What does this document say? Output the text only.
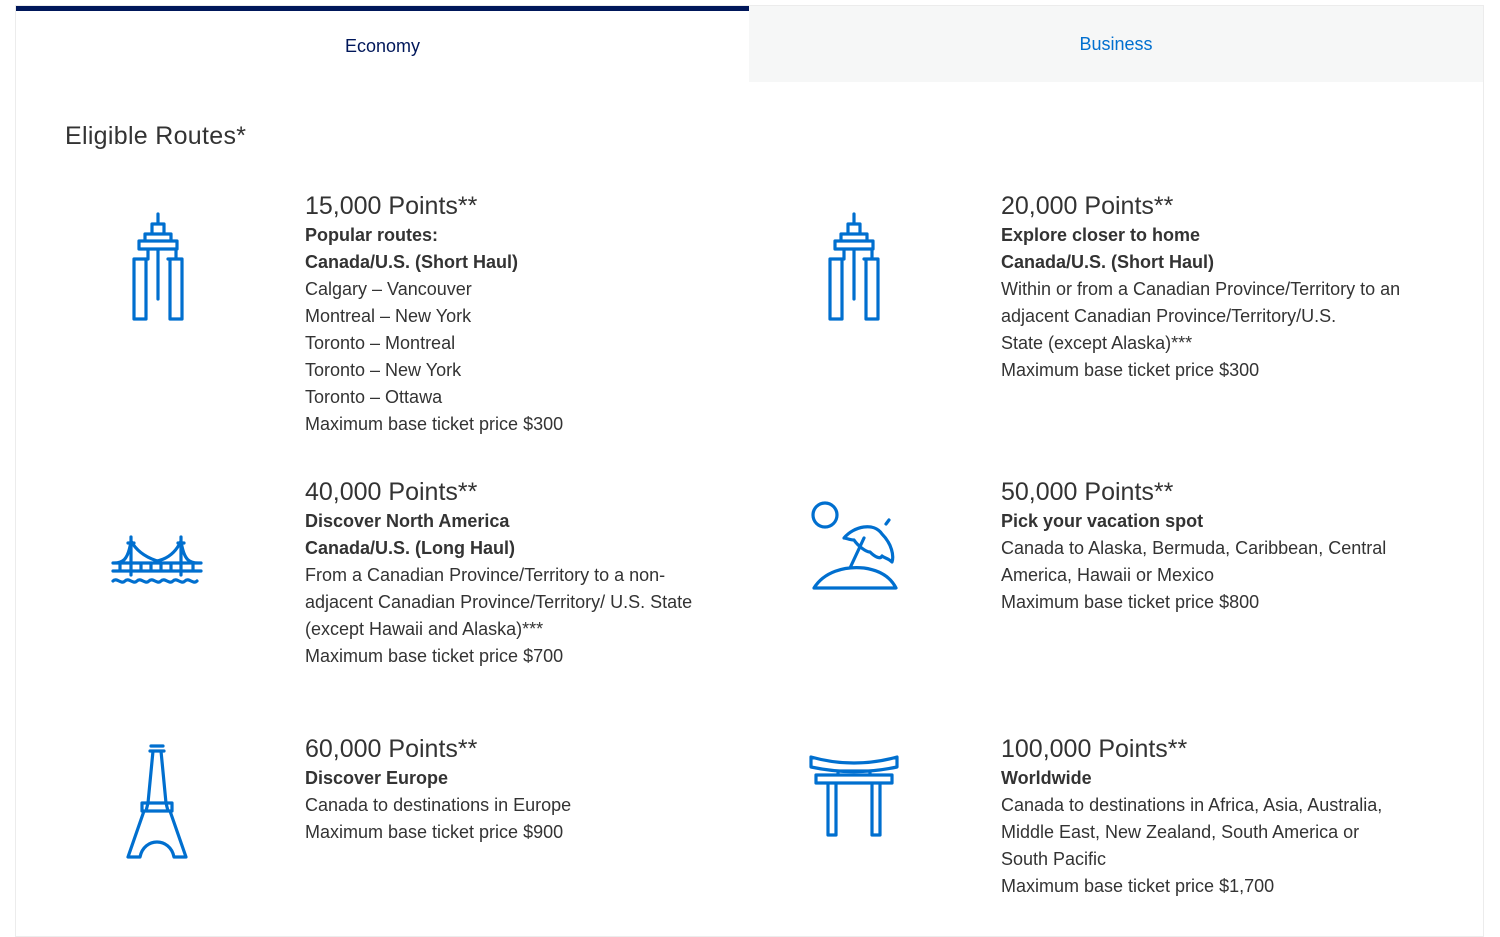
Economy	Business
Eligible Routes*
15,000 Points**
Popular routes:
Canada/U.S. (Short Haul)
Calgary – Vancouver
Montreal – New York
Toronto – Montreal
Toronto – New York
Toronto – Ottawa
Maximum base ticket price $300
20,000 Points**
Explore closer to home
Canada/U.S. (Short Haul)
Within or from a Canadian Province/Territory to an
adjacent Canadian Province/Territory/U.S.
State (except Alaska)***
Maximum base ticket price $300
40,000 Points**
Discover North America
Canada/U.S. (Long Haul)
From a Canadian Province/Territory to a non-
adjacent Canadian Province/Territory/ U.S. State
(except Hawaii and Alaska)***
Maximum base ticket price $700
50,000 Points**
Pick your vacation spot
Canada to Alaska, Bermuda, Caribbean, Central
America, Hawaii or Mexico
Maximum base ticket price $800
60,000 Points**
Discover Europe
Canada to destinations in Europe
Maximum base ticket price $900
100,000 Points**
Worldwide
Canada to destinations in Africa, Asia, Australia,
Middle East, New Zealand, South America or
South Pacific
Maximum base ticket price $1,700
